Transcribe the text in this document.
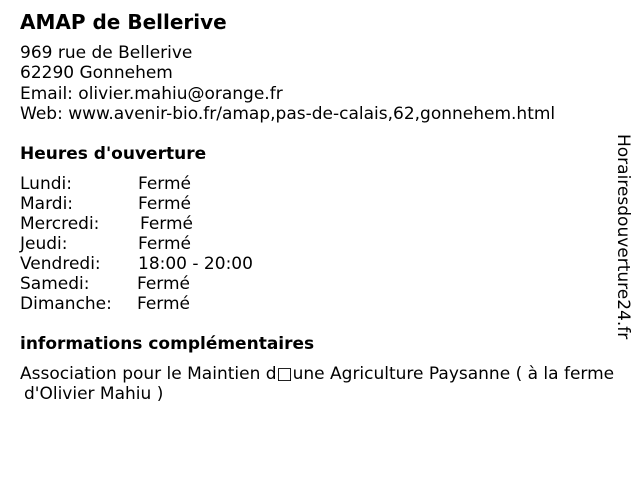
AMAP de Bellerive
969 rue de Bellerive
62290 Gonnehem
Email: olivier.mahiu@orange.fr
Web: www.avenir-bio.fr/amap,pas-de-calais,62,gonnehem.html
Heures d'ouverture
Lundi:	Fermé
Mardi:	Fermé
Mercredi: Fermé
Jeudi:	Fermé
Vendredi: 18:00 - 20:00
Samedi:	Fermé
Dimanche: Fermé
informations complémentaires
Association pour le Maintien d□une Agriculture Paysanne ( à la ferme
d'Olivier Mahiu )
Horairesdouverture24.fr
